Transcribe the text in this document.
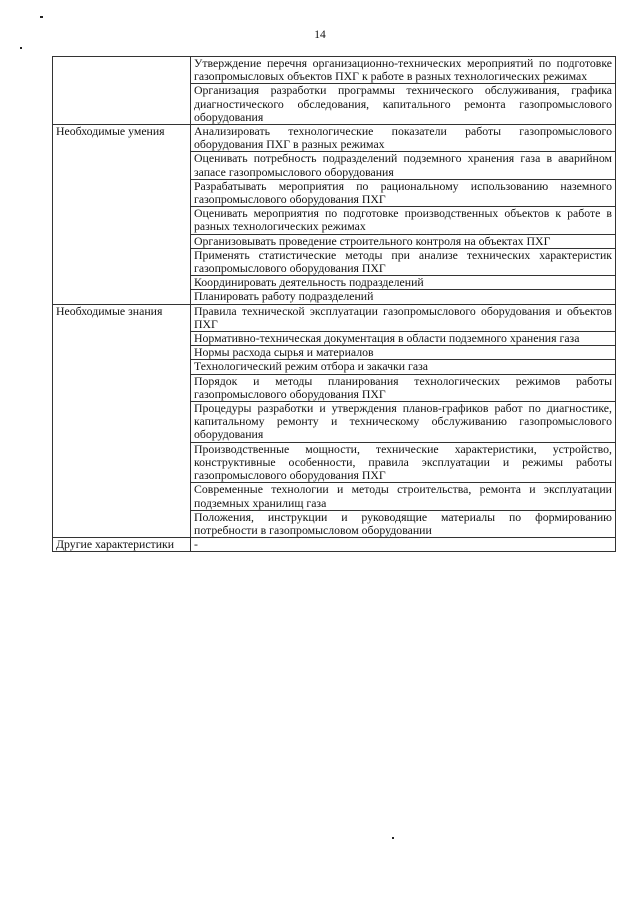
14
	Утверждение перечня организационно-технических мероприятий по подготовке газопромысловых объектов ПХГ к работе в разных технологических режимах
	Организация разработки программы технического обслуживания, графика диагностического обследования, капитального ремонта газопромыслового оборудования
Необходимые умения	Анализировать технологические показатели работы газопромыслового оборудования ПХГ в разных режимах
	Оценивать потребность подразделений подземного хранения газа в аварийном запасе газопромыслового оборудования
	Разрабатывать мероприятия по рациональному использованию наземного газопромыслового оборудования ПХГ
	Оценивать мероприятия по подготовке производственных объектов к работе в разных технологических режимах
	Организовывать проведение строительного контроля на объектах ПХГ
	Применять статистические методы при анализе технических характеристик газопромыслового оборудования ПХГ
	Координировать деятельность подразделений
	Планировать работу подразделений
Необходимые знания	Правила технической эксплуатации газопромыслового оборудования и объектов ПХГ
	Нормативно-техническая документация в области подземного хранения газа
	Нормы расхода сырья и материалов
	Технологический режим отбора и закачки газа
	Порядок и методы планирования технологических режимов работы газопромыслового оборудования ПХГ
	Процедуры разработки и утверждения планов-графиков работ по диагностике, капитальному ремонту и техническому обслуживанию газопромыслового оборудования
	Производственные мощности, технические характеристики, устройство, конструктивные особенности, правила эксплуатации и режимы работы газопромыслового оборудования ПХГ
	Современные технологии и методы строительства, ремонта и эксплуатации подземных хранилищ газа
	Положения, инструкции и руководящие материалы по формированию потребности в газопромысловом оборудовании
Другие характеристики	-
